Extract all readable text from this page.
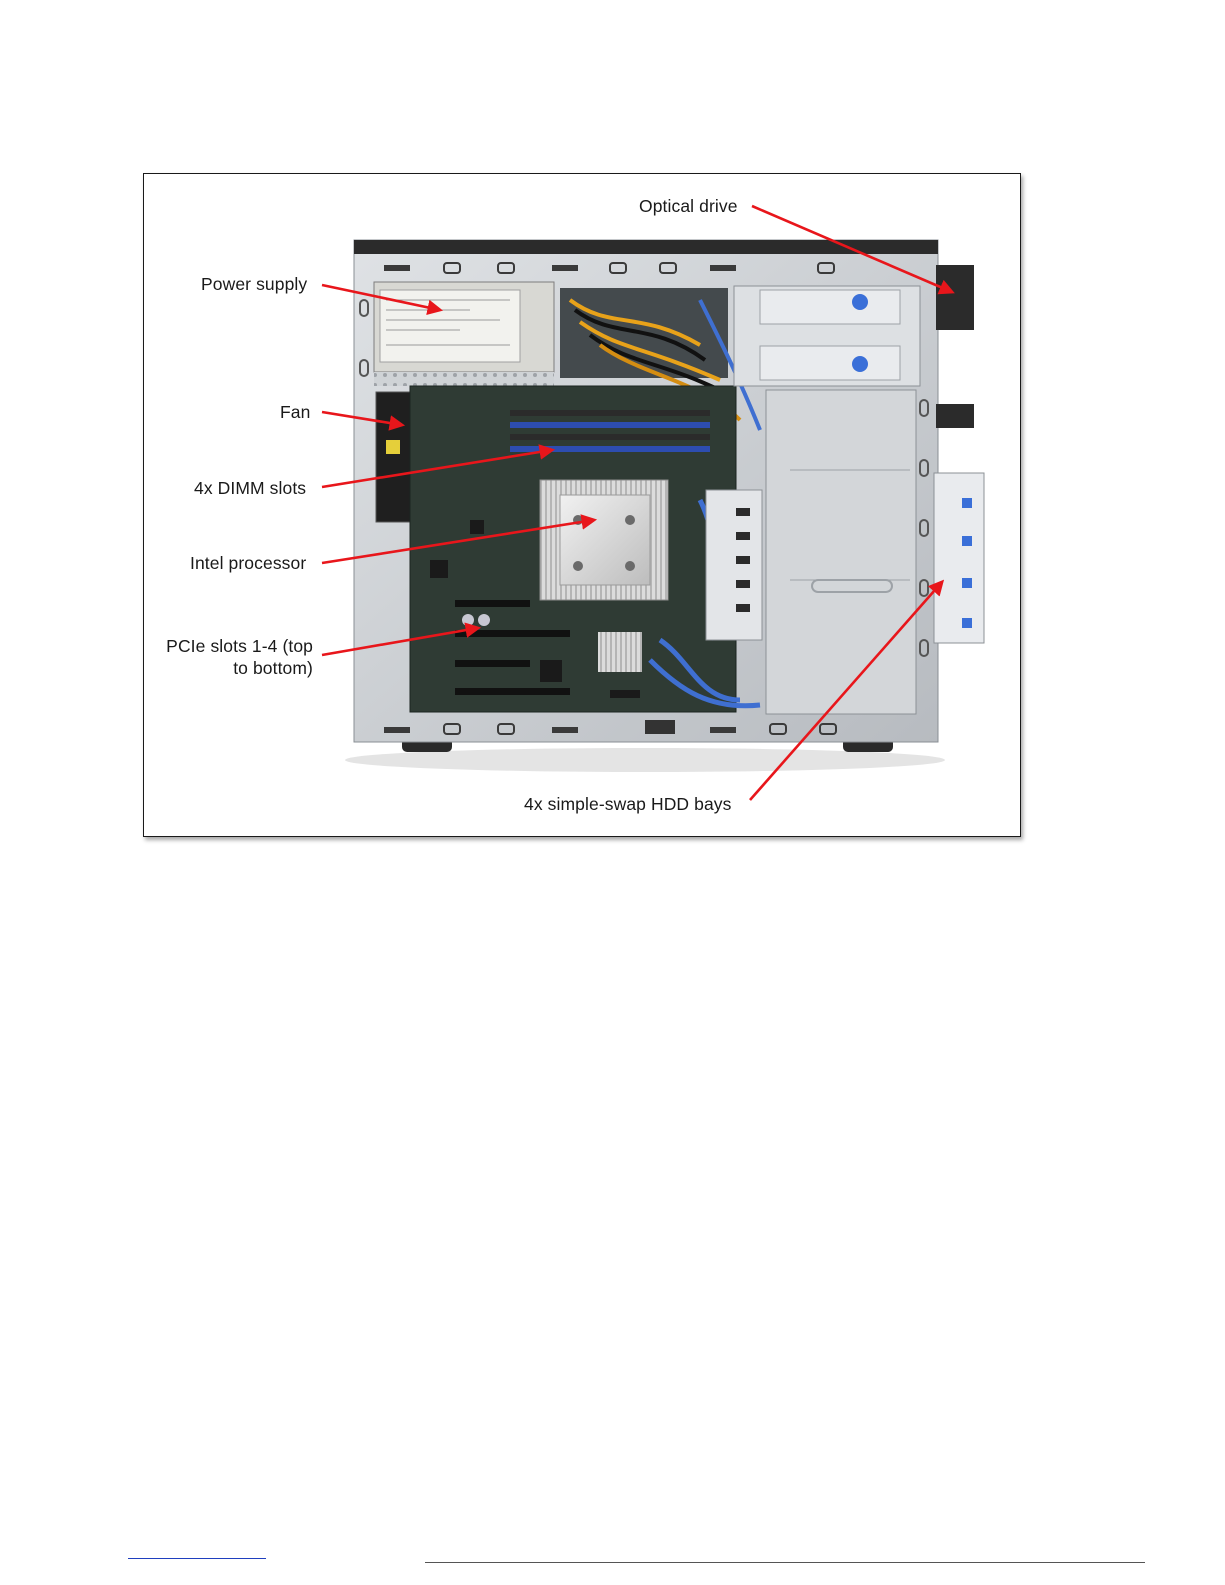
Optical drive
Power supply
Fan
4x DIMM slots
Intel processor
PCIe slots 1-4 (top
to bottom)
4x simple-swap HDD bays
